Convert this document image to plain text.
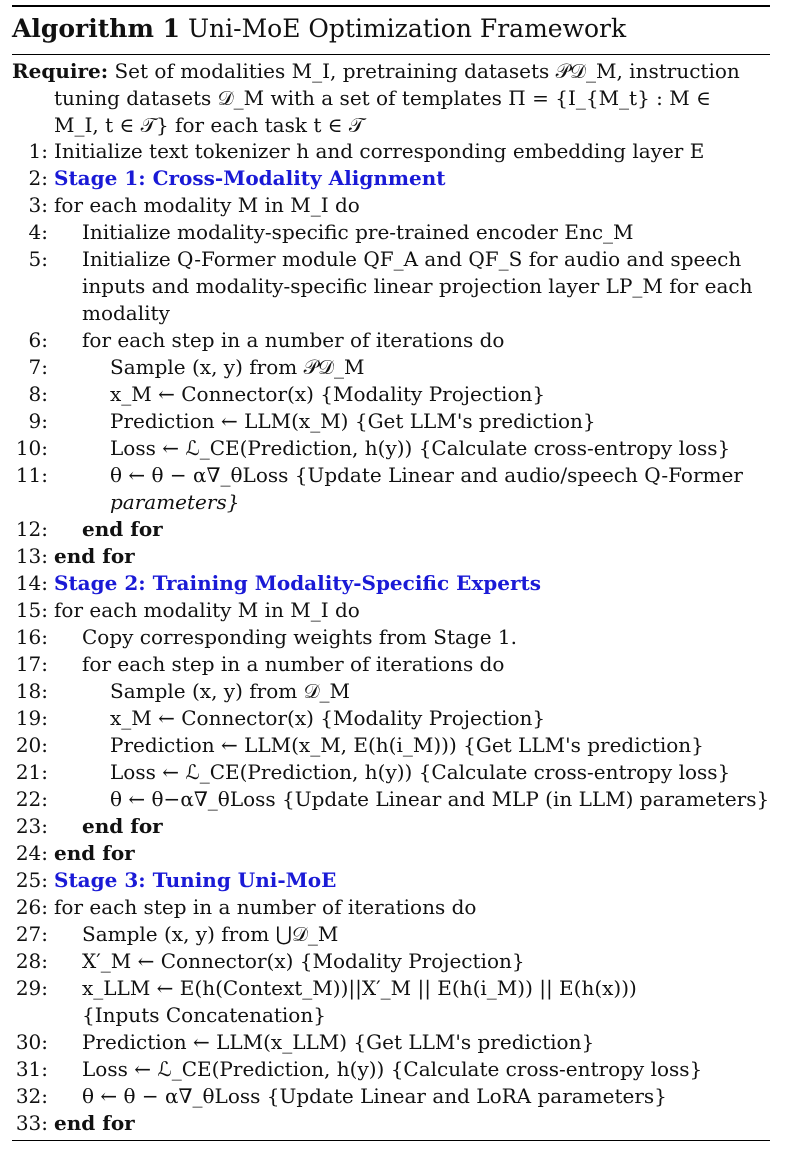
Algorithm 1 Uni-MoE Optimization Framework
Require: Set of modalities M_I, pretraining datasets 𝒫𝒟_M, instruction
tuning datasets 𝒟_M with a set of templates Π = {I_{M_t} : M ∈
M_I, t ∈ 𝒯} for each task t ∈ 𝒯
1: Initialize text tokenizer h and corresponding embedding layer E
2: Stage 1: Cross-Modality Alignment
3: for each modality M in M_I do
4: Initialize modality-specific pre-trained encoder Enc_M
5: Initialize Q-Former module QF_A and QF_S for audio and speech
inputs and modality-specific linear projection layer LP_M for each
modality
6: for each step in a number of iterations do
7:	Sample (x, y) from 𝒫𝒟_M
8:	x_M ← Connector(x) {Modality Projection}
9:	Prediction ← LLM(x_M) {Get LLM's prediction}
10:	Loss ← ℒ_CE(Prediction, h(y)) {Calculate cross-entropy loss}
11:	θ ← θ − α∇_θLoss {Update Linear and audio/speech Q-Former
parameters}
12: end for
13: end for
14: Stage 2: Training Modality-Specific Experts
15: for each modality M in M_I do
16: Copy corresponding weights from Stage 1.
17: for each step in a number of iterations do
18:	Sample (x, y) from 𝒟_M
19:	x_M ← Connector(x) {Modality Projection}
20:	Prediction ← LLM(x_M, E(h(i_M))) {Get LLM's prediction}
21:	Loss ← ℒ_CE(Prediction, h(y)) {Calculate cross-entropy loss}
22:	θ ← θ−α∇_θLoss {Update Linear and MLP (in LLM) parameters}
23: end for
24: end for
25: Stage 3: Tuning Uni-MoE
26: for each step in a number of iterations do
27: Sample (x, y) from ⋃𝒟_M
28: X′_M ← Connector(x) {Modality Projection}
29: x_LLM ← E(h(Context_M))||X′_M || E(h(i_M)) || E(h(x)))
{Inputs Concatenation}
30: Prediction ← LLM(x_LLM) {Get LLM's prediction}
31: Loss ← ℒ_CE(Prediction, h(y)) {Calculate cross-entropy loss}
32: θ ← θ − α∇_θLoss {Update Linear and LoRA parameters}
33: end for
